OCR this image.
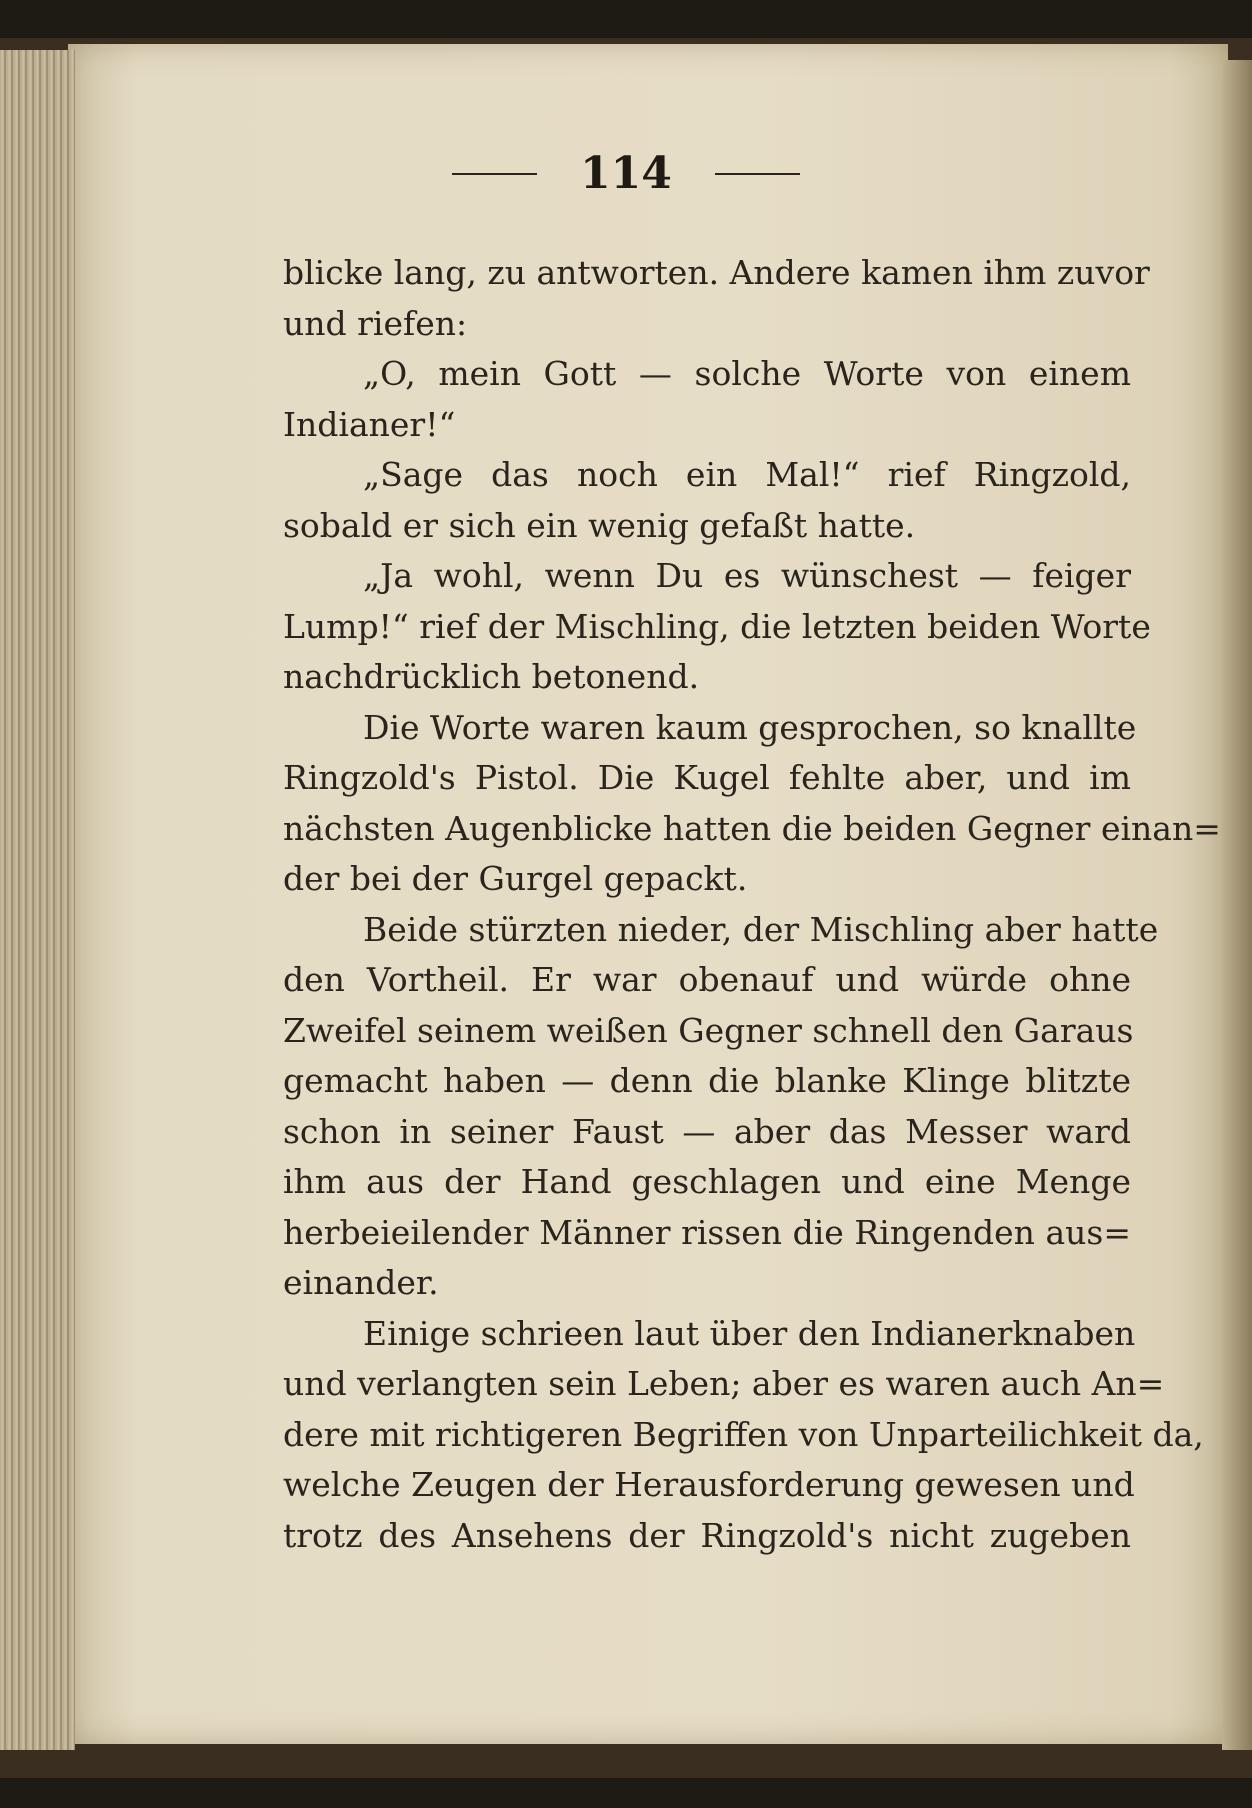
114
blicke lang, zu antworten. Andere kamen ihm zuvor
und riefen:
„O, mein Gott — solche Worte von einem
Indianer!“
„Sage das noch ein Mal!“ rief Ringzold,
sobald er sich ein wenig gefaßt hatte.
„Ja wohl, wenn Du es wünschest — feiger
Lump!“ rief der Mischling, die letzten beiden Worte
nachdrücklich betonend.
Die Worte waren kaum gesprochen, so knallte
Ringzold's Pistol. Die Kugel fehlte aber, und im
nächsten Augenblicke hatten die beiden Gegner einan=
der bei der Gurgel gepackt.
Beide stürzten nieder, der Mischling aber hatte
den Vortheil. Er war obenauf und würde ohne
Zweifel seinem weißen Gegner schnell den Garaus
gemacht haben — denn die blanke Klinge blitzte
schon in seiner Faust — aber das Messer ward
ihm aus der Hand geschlagen und eine Menge
herbeieilender Männer rissen die Ringenden aus=
einander.
Einige schrieen laut über den Indianerknaben
und verlangten sein Leben; aber es waren auch An=
dere mit richtigeren Begriffen von Unparteilichkeit da,
welche Zeugen der Herausforderung gewesen und
trotz des Ansehens der Ringzold's nicht zugeben
